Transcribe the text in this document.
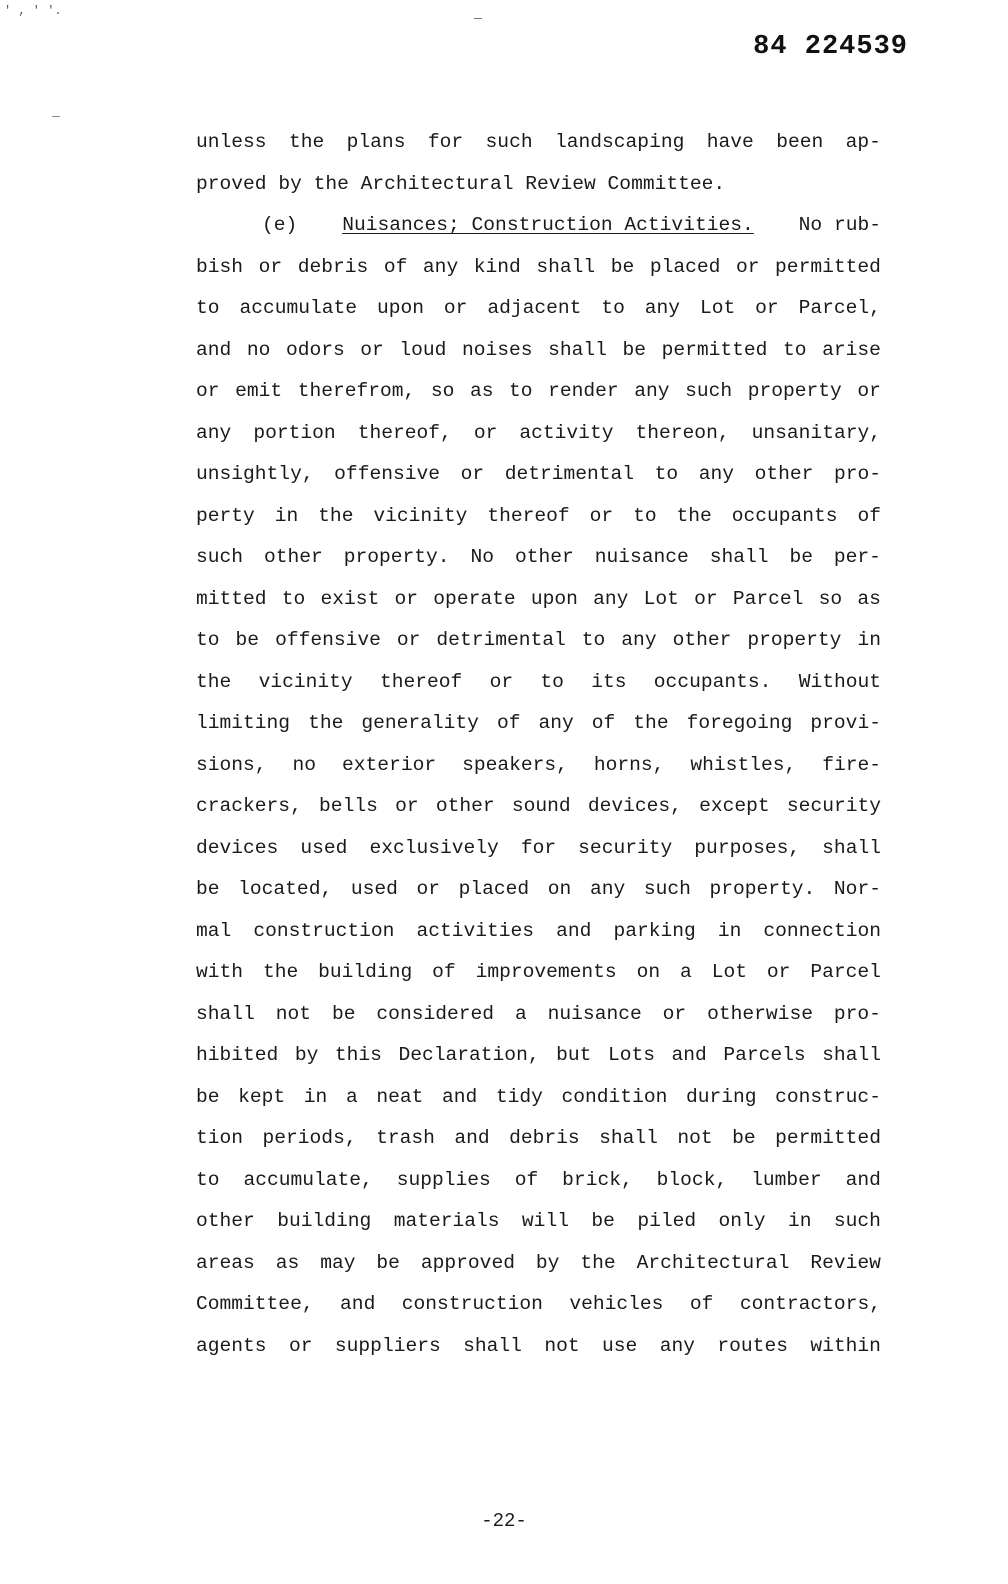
' , ' '.
84 224539
unless the plans for such landscaping have been ap-
proved by the Architectural Review Committee.
(e) Nuisances; Construction Activities. No rub-
bish or debris of any kind shall be placed or permitted
to accumulate upon or adjacent to any Lot or Parcel,
and no odors or loud noises shall be permitted to arise
or emit therefrom, so as to render any such property or
any portion thereof, or activity thereon, unsanitary,
unsightly, offensive or detrimental to any other pro-
perty in the vicinity thereof or to the occupants of
such other property. No other nuisance shall be per-
mitted to exist or operate upon any Lot or Parcel so as
to be offensive or detrimental to any other property in
the vicinity thereof or to its occupants. Without
limiting the generality of any of the foregoing provi-
sions, no exterior speakers, horns, whistles, fire-
crackers, bells or other sound devices, except security
devices used exclusively for security purposes, shall
be located, used or placed on any such property. Nor-
mal construction activities and parking in connection
with the building of improvements on a Lot or Parcel
shall not be considered a nuisance or otherwise pro-
hibited by this Declaration, but Lots and Parcels shall
be kept in a neat and tidy condition during construc-
tion periods, trash and debris shall not be permitted
to accumulate, supplies of brick, block, lumber and
other building materials will be piled only in such
areas as may be approved by the Architectural Review
Committee, and construction vehicles of contractors,
agents or suppliers shall not use any routes within
-22-
